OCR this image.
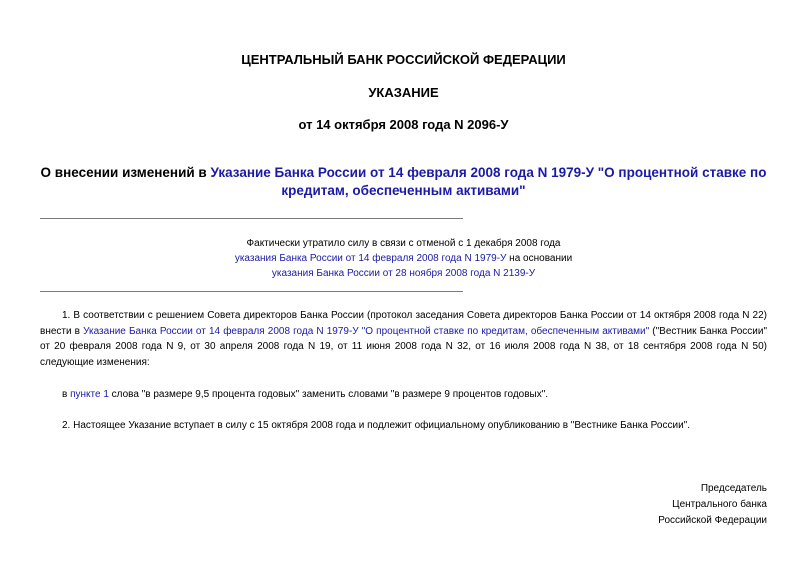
ЦЕНТРАЛЬНЫЙ БАНК РОССИЙСКОЙ ФЕДЕРАЦИИ
УКАЗАНИЕ
от 14 октября 2008 года N 2096-У
О внесении изменений в Указание Банка России от 14 февраля 2008 года N 1979-У "О процентной ставке по кредитам, обеспеченным активами"
Фактически утратило силу в связи с отменой с 1 декабря 2008 года
указания Банка России от 14 февраля 2008 года N 1979-У на основании
указания Банка России от 28 ноября 2008 года N 2139-У
1. В соответствии с решением Совета директоров Банка России (протокол заседания Совета директоров Банка России от 14 октября 2008 года N 22) внести в Указание Банка России от 14 февраля 2008 года N 1979-У "О процентной ставке по кредитам, обеспеченным активами" ("Вестник Банка России" от 20 февраля 2008 года N 9, от 30 апреля 2008 года N 19, от 11 июня 2008 года N 32, от 16 июля 2008 года N 38, от 18 сентября 2008 года N 50) следующие изменения:
в пункте 1 слова "в размере 9,5 процента годовых" заменить словами "в размере 9 процентов годовых".
2. Настоящее Указание вступает в силу с 15 октября 2008 года и подлежит официальному опубликованию в "Вестнике Банка России".
Председатель
Центрального банка
Российской Федерации
